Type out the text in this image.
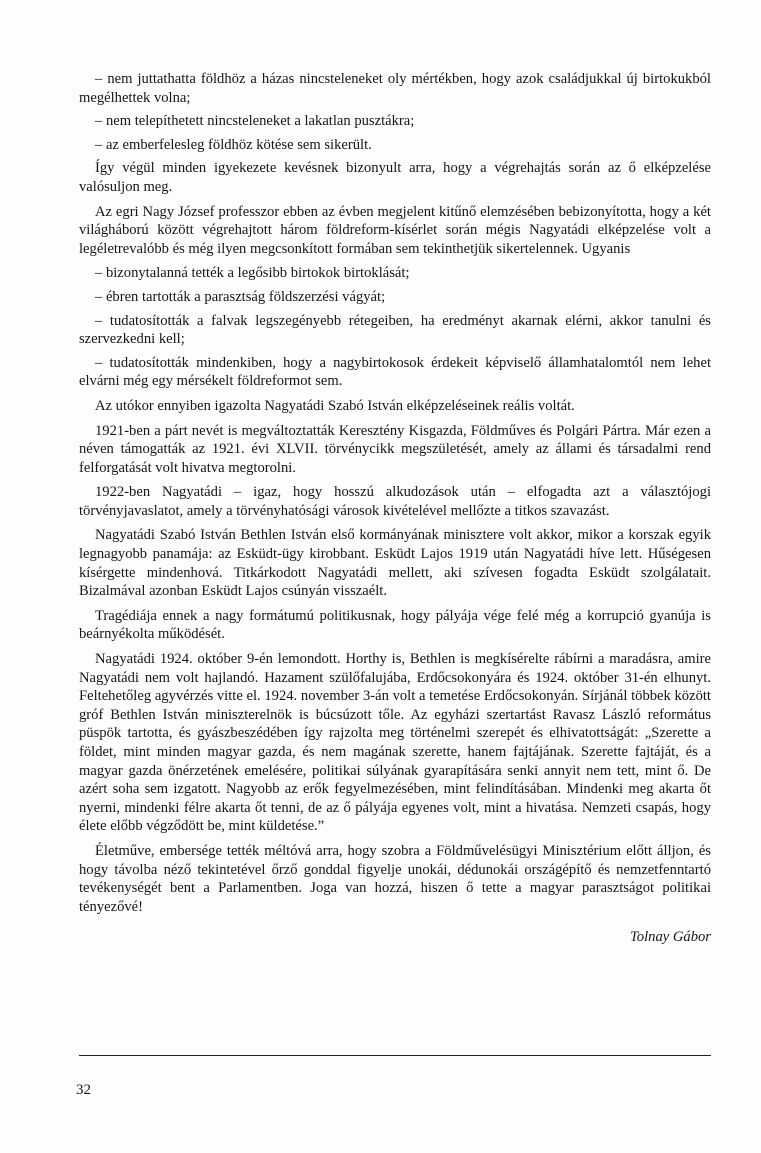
– nem juttathatta földhöz a házas nincsteleneket oly mértékben, hogy azok családjukkal új birtokukból megélhettek volna;

– nem telepíthetett nincsteleneket a lakatlan pusztákra;

– az emberfelesleg földhöz kötése sem sikerült.

Így végül minden igyekezete kevésnek bizonyult arra, hogy a végrehajtás során az ő elképzelése valósuljon meg.

Az egri Nagy József professzor ebben az évben megjelent kitűnő elemzésében bebizonyította, hogy a két világháború között végrehajtott három földreform-kísérlet során mégis Nagyatádi elképzelése volt a legéletrevalóbb és még ilyen megcsonkított formában sem tekinthetjük sikertelennek. Ugyanis

– bizonytalanná tették a legősibb birtokok birtoklását;

– ébren tartották a parasztság földszerzési vágyát;

– tudatosították a falvak legszegényebb rétegeiben, ha eredményt akarnak elérni, akkor tanulni és szervezkedni kell;

– tudatosították mindenkiben, hogy a nagybirtokosok érdekeit képviselő államhatalomtól nem lehet elvárni még egy mérsékelt földreformot sem.

Az utókor ennyiben igazolta Nagyatádi Szabó István elképzeléseinek reális voltát.

1921-ben a párt nevét is megváltoztatták Keresztény Kisgazda, Földműves és Polgári Pártra. Már ezen a néven támogatták az 1921. évi XLVII. törvénycikk megszületését, amely az állami és társadalmi rend felforgatását volt hivatva megtorolni.

1922-ben Nagyatádi – igaz, hogy hosszú alkudozások után – elfogadta azt a választójogi törvényjavaslatot, amely a törvényhatósági városok kivételével mellőzte a titkos szavazást.

Nagyatádi Szabó István Bethlen István első kormányának minisztere volt akkor, mikor a korszak egyik legnagyobb panamája: az Esküdt-ügy kirobbant. Esküdt Lajos 1919 után Nagyatádi híve lett. Hűségesen kísérgette mindenhová. Titkárkodott Nagyatádi mellett, aki szívesen fogadta Esküdt szolgálatait. Bizalmával azonban Esküdt Lajos csúnyán visszaélt.

Tragédiája ennek a nagy formátumú politikusnak, hogy pályája vége felé még a korrupció gyanúja is beárnyékolta működését.

Nagyatádi 1924. október 9-én lemondott. Horthy is, Bethlen is megkísérelte rábírni a maradásra, amire Nagyatádi nem volt hajlandó. Hazament szülőfalujába, Erdőcsokonyára és 1924. október 31-én elhunyt. Feltehetőleg agyvérzés vitte el. 1924. november 3-án volt a temetése Erdőcsokonyán. Sírjánál többek között gróf Bethlen István miniszterelnök is búcsúzott tőle. Az egyházi szertartást Ravasz László református püspök tartotta, és gyászbeszédében így rajzolta meg történelmi szerepét és elhivatottságát: „Szerette a földet, mint minden magyar gazda, és nem magának szerette, hanem fajtájának. Szerette fajtáját, és a magyar gazda önérzetének emelésére, politikai súlyának gyarapítására senki annyit nem tett, mint ő. De azért soha sem izgatott. Nagyobb az erők fegyelmezésében, mint felindításában. Mindenki meg akarta őt nyerni, mindenki félre akarta őt tenni, de az ő pályája egyenes volt, mint a hivatása. Nemzeti csapás, hogy élete előbb végződött be, mint küldetése.”

Életműve, embersége tették méltóvá arra, hogy szobra a Földművelésügyi Minisztérium előtt álljon, és hogy távolba néző tekintetével őrző gonddal figyelje unokái, dédunokái országépítő és nemzetfenntartó tevékenységét bent a Parlamentben. Joga van hozzá, hiszen ő tette a magyar parasztságot politikai tényezővé!

Tolnay Gábor
32
